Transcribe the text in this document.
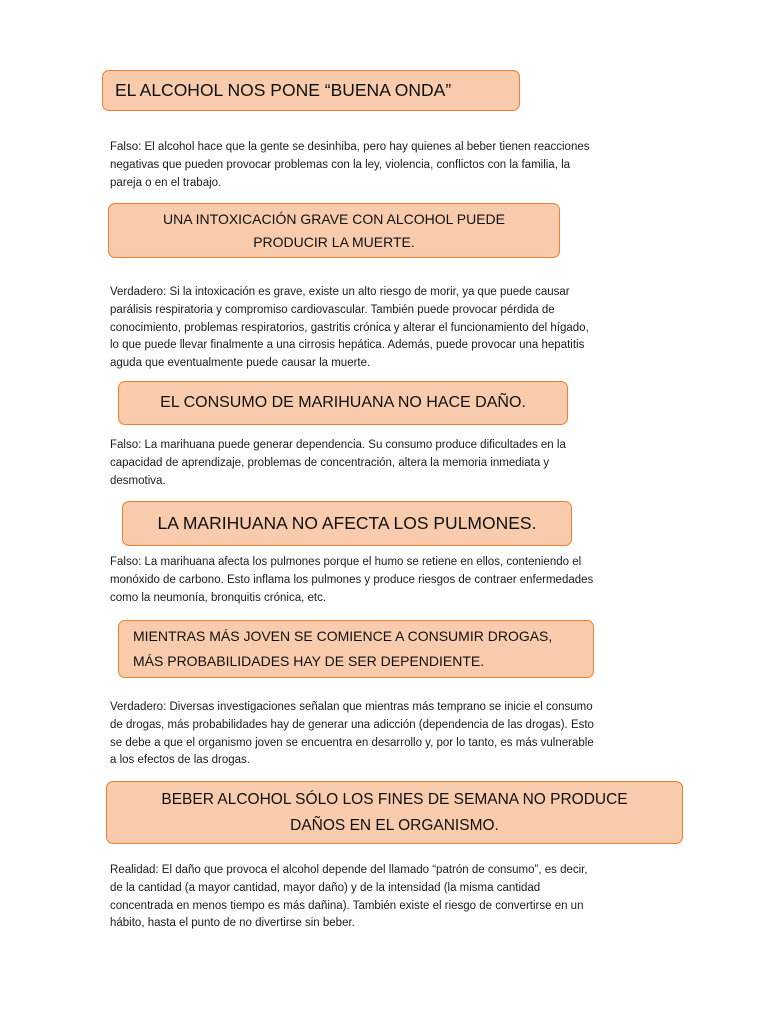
EL ALCOHOL NOS PONE “BUENA ONDA”
Falso: El alcohol hace que la gente se desinhiba, pero hay quienes al beber tienen reacciones
negativas que pueden provocar problemas con la ley, violencia, conflictos con la familia, la
pareja o en el trabajo.
UNA INTOXICACIÓN GRAVE CON ALCOHOL PUEDE
PRODUCIR LA MUERTE.
Verdadero: Si la intoxicación es grave, existe un alto riesgo de morir, ya que puede causar
parálisis respiratoria y compromiso cardiovascular. También puede provocar pérdida de
conocimiento, problemas respiratorios, gastritis crónica y alterar el funcionamiento del hígado,
lo que puede llevar finalmente a una cirrosis hepática. Además, puede provocar una hepatitis
aguda que eventualmente puede causar la muerte.
EL CONSUMO DE MARIHUANA NO HACE DAÑO.
Falso: La marihuana puede generar dependencia. Su consumo produce dificultades en la
capacidad de aprendizaje, problemas de concentración, altera la memoria inmediata y
desmotiva.
LA MARIHUANA NO AFECTA LOS PULMONES.
Falso: La marihuana afecta los pulmones porque el humo se retiene en ellos, conteniendo el
monóxido de carbono. Esto inflama los pulmones y produce riesgos de contraer enfermedades
como la neumonía, bronquitis crónica, etc.
MIENTRAS MÁS JOVEN SE COMIENCE A CONSUMIR DROGAS,
MÁS PROBABILIDADES HAY DE SER DEPENDIENTE.
Verdadero: Diversas investigaciones señalan que mientras más temprano se inicie el consumo
de drogas, más probabilidades hay de generar una adicción (dependencia de las drogas). Esto
se debe a que el organismo joven se encuentra en desarrollo y, por lo tanto, es más vulnerable
a los efectos de las drogas.
BEBER ALCOHOL SÓLO LOS FINES DE SEMANA NO PRODUCE
DAÑOS EN EL ORGANISMO.
Realidad: El daño que provoca el alcohol depende del llamado “patrón de consumo”, es decir,
de la cantidad (a mayor cantidad, mayor daño) y de la intensidad (la misma cantidad
concentrada en menos tiempo es más dañina). También existe el riesgo de convertirse en un
hábito, hasta el punto de no divertirse sin beber.
